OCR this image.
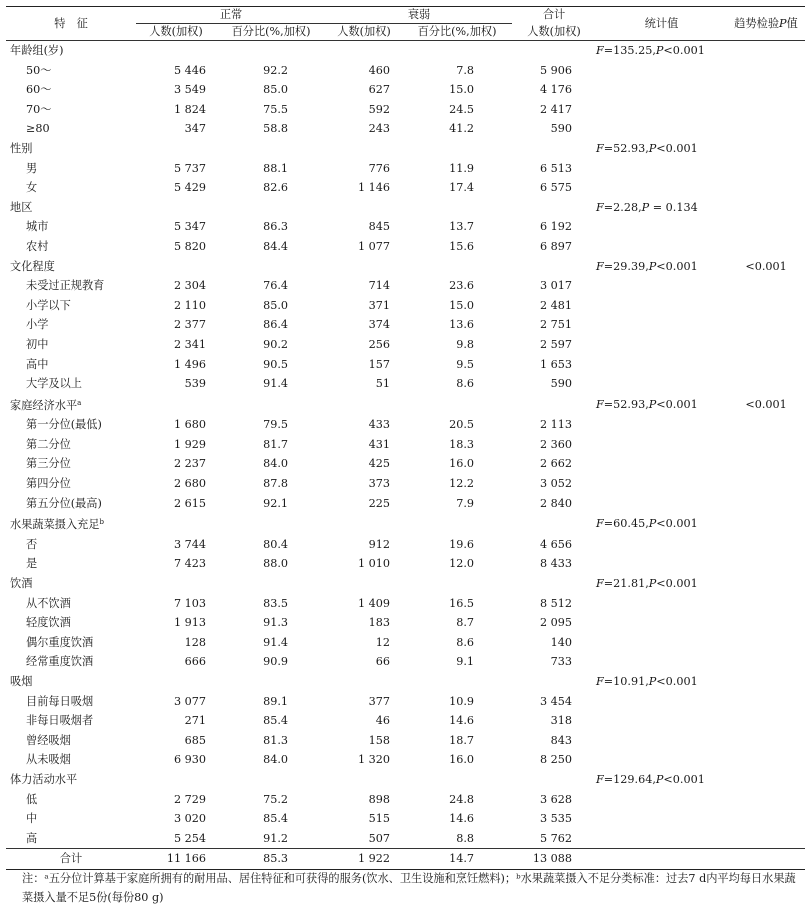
特　征	正常		衰弱		合计	统计值	趋势检验P值
	人数(加权)	百分比(%,加权)	人数(加权)	百分比(%,加权)	人数(加权)		
年龄组(岁)						F=135.25,P<0.001	
50～	5 446	92.2	460	7.8	5 906		
60～	3 549	85.0	627	15.0	4 176		
70～	1 824	75.5	592	24.5	2 417		
≥80	347	58.8	243	41.2	590		
性别						F=52.93,P<0.001	
男	5 737	88.1	776	11.9	6 513		
女	5 429	82.6	1 146	17.4	6 575		
地区						F=2.28,P = 0.134	
城市	5 347	86.3	845	13.7	6 192		
农村	5 820	84.4	1 077	15.6	6 897		
文化程度						F=29.39,P<0.001	<0.001
未受过正规教育	2 304	76.4	714	23.6	3 017		
小学以下	2 110	85.0	371	15.0	2 481		
小学	2 377	86.4	374	13.6	2 751		
初中	2 341	90.2	256	9.8	2 597		
高中	1 496	90.5	157	9.5	1 653		
大学及以上	539	91.4	51	8.6	590		
家庭经济水平$^a$						F=52.93,P<0.001	<0.001
第一分位(最低)	1 680	79.5	433	20.5	2 113		
第二分位	1 929	81.7	431	18.3	2 360		
第三分位	2 237	84.0	425	16.0	2 662		
第四分位	2 680	87.8	373	12.2	3 052		
第五分位(最高)	2 615	92.1	225	7.9	2 840		
水果蔬菜摄入充足$^b$						F=60.45,P<0.001	
否	3 744	80.4	912	19.6	4 656		
是	7 423	88.0	1 010	12.0	8 433		
饮酒						F=21.81,P<0.001	
从不饮酒	7 103	83.5	1 409	16.5	8 512		
轻度饮酒	1 913	91.3	183	8.7	2 095		
偶尔重度饮酒	128	91.4	12	8.6	140		
经常重度饮酒	666	90.9	66	9.1	733		
吸烟						F=10.91,P<0.001	
目前每日吸烟	3 077	89.1	377	10.9	3 454		
非每日吸烟者	271	85.4	46	14.6	318		
曾经吸烟	685	81.3	158	18.7	843		
从未吸烟	6 930	84.0	1 320	16.0	8 250		
体力活动水平						F=129.64,P<0.001	
低	2 729	75.2	898	24.8	3 628		
中	3 020	85.4	515	14.6	3 535		
高	5 254	91.2	507	8.8	5 762		
合计	11 166	85.3	1 922	14.7	13 088		
注：ᵃ五分位计算基于家庭所拥有的耐用品、居住特征和可获得的服务(饮水、卫生设施和烹饪燃料)；ᵇ水果蔬菜摄入不足分类标准：过去7 d内平均每日水果蔬菜摄入量不足5份(每份80 g)
